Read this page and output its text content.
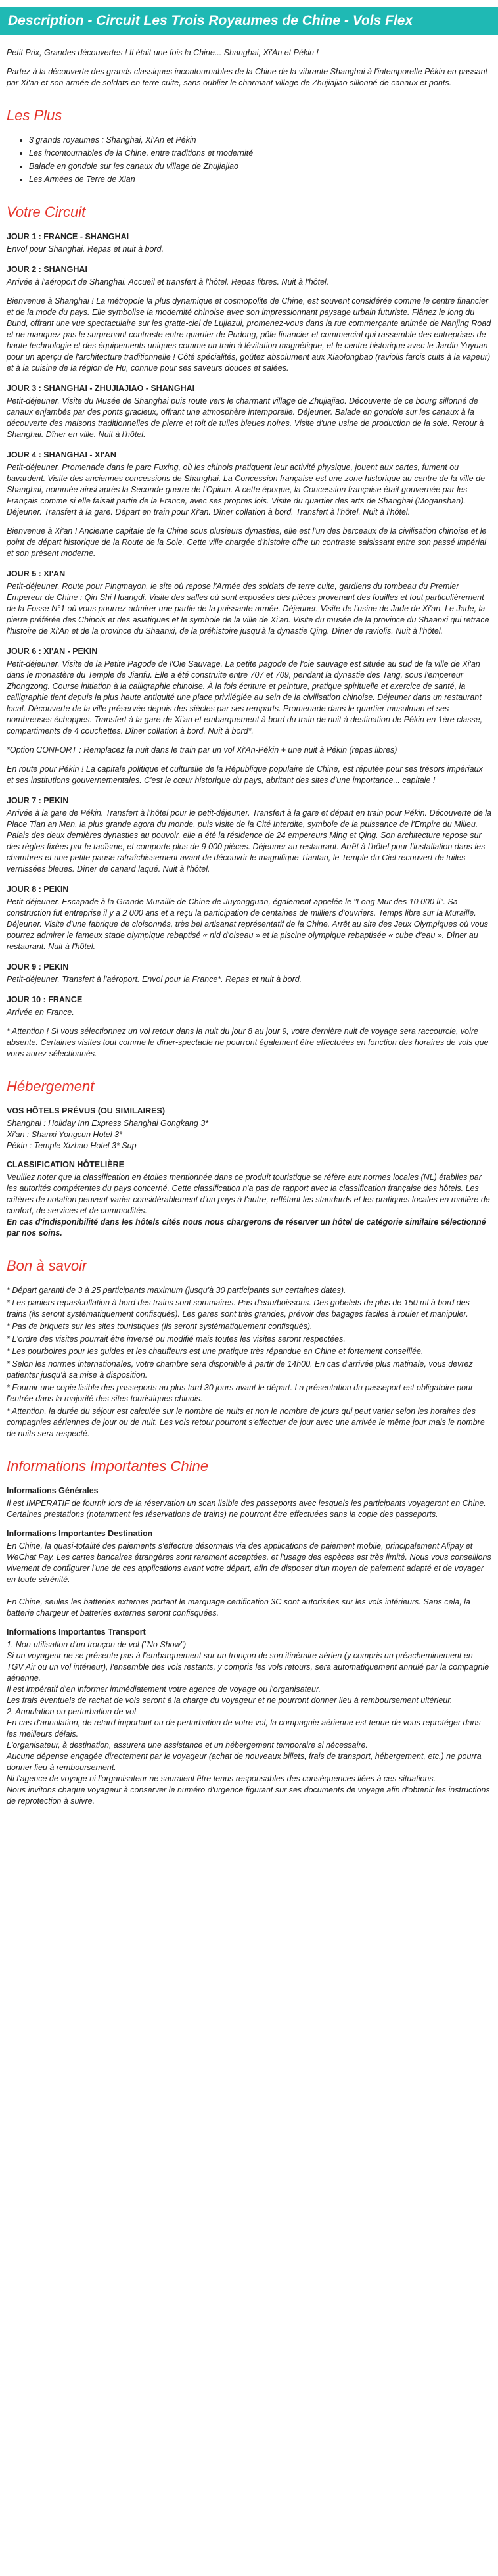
Description - Circuit Les Trois Royaumes de Chine - Vols Flex

Petit Prix, Grandes découvertes ! Il était une fois la Chine... Shanghai, Xi'An et Pékin !

Partez à la découverte des grands classiques incontournables de la Chine de la vibrante Shanghai à l'intemporelle Pékin en passant par Xi'an et son armée de soldats en terre cuite, sans oublier le charmant village de Zhujiajiao sillonné de canaux et ponts.

Les Plus
• 3 grands royaumes : Shanghai, Xi'An et Pékin
• Les incontournables de la Chine, entre traditions et modernité
• Balade en gondole sur les canaux du village de Zhujiajiao
• Les Armées de Terre de Xian
Votre Circuit
JOUR 1 : FRANCE - SHANGHAI
Envol pour Shanghai. Repas et nuit à bord.
JOUR 2 : SHANGHAI
Arrivée à l'aéroport de Shanghai. Accueil et transfert à l'hôtel. Repas libres. Nuit à l'hôtel.
Bienvenue à Shanghai ! La métropole la plus dynamique et cosmopolite de Chine, est souvent considérée comme le centre financier et de la mode du pays. Elle symbolise la modernité chinoise avec son impressionnant paysage urbain futuriste. Flânez le long du Bund, offrant une vue spectaculaire sur les gratte-ciel de Lujiazui, promenez-vous dans la rue commerçante animée de Nanjing Road et ne manquez pas le surprenant contraste entre quartier de Pudong, pôle financier et commercial qui rassemble des entreprises de haute technologie et des équipements uniques comme un train à lévitation magnétique, et le centre historique avec le Jardin Yuyuan pour un aperçu de l'architecture traditionnelle ! Côté spécialités, goûtez absolument aux Xiaolongbao (raviolis farcis cuits à la vapeur) et à la cuisine de la région de Hu, connue pour ses saveurs douces et salées.
JOUR 3 : SHANGHAI - ZHUJIAJIAO - SHANGHAI
Petit-déjeuner. Visite du Musée de Shanghai puis route vers le charmant village de Zhujiajiao. Découverte de ce bourg sillonné de canaux enjambés par des ponts gracieux, offrant une atmosphère intemporelle. Déjeuner. Balade en gondole sur les canaux à la découverte des maisons traditionnelles de pierre et toit de tuiles bleues noires. Visite d'une usine de production de la soie. Retour à Shanghai. Dîner en ville. Nuit à l'hôtel.
JOUR 4 : SHANGHAI - XI'AN
Petit-déjeuner. Promenade dans le parc Fuxing, où les chinois pratiquent leur activité physique, jouent aux cartes, fument ou bavardent. Visite des anciennes concessions de Shanghai. La Concession française est une zone historique au centre de la ville de Shanghai, nommée ainsi après la Seconde guerre de l'Opium. A cette époque, la Concession française était gouvernée par les Français comme si elle faisait partie de la France, avec ses propres lois. Visite du quartier des arts de Shanghai (Moganshan). Déjeuner. Transfert à la gare. Départ en train pour Xi'an. Dîner collation à bord. Transfert à l'hôtel. Nuit à l'hôtel.
Bienvenue à Xi'an ! Ancienne capitale de la Chine sous plusieurs dynasties, elle est l'un des berceaux de la civilisation chinoise et le point de départ historique de la Route de la Soie. Cette ville chargée d'histoire offre un contraste saisissant entre son passé impérial et son présent moderne.
JOUR 5 : XI'AN
Petit-déjeuner. Route pour Pingmayon, le site où repose l'Armée des soldats de terre cuite, gardiens du tombeau du Premier Empereur de Chine : Qin Shi Huangdi. Visite des salles où sont exposées des pièces provenant des fouilles et tout particulièrement de la Fosse N°1 où vous pourrez admirer une partie de la puissante armée. Déjeuner. Visite de l'usine de Jade de Xi'an. Le Jade, la pierre préférée des Chinois et des asiatiques et le symbole de la ville de Xi'an. Visite du musée de la province du Shaanxi qui retrace l'histoire de Xi'An et de la province du Shaanxi, de la préhistoire jusqu'à la dynastie Qing. Dîner de raviolis. Nuit à l'hôtel.
JOUR 6 : XI'AN - PEKIN
Petit-déjeuner. Visite de la Petite Pagode de l'Oie Sauvage. La petite pagode de l'oie sauvage est située au sud de la ville de Xi'an dans le monastère du Temple de Jianfu. Elle a été construite entre 707 et 709, pendant la dynastie des Tang, sous l'empereur Zhongzong. Course initiation à la calligraphie chinoise. À la fois écriture et peinture, pratique spirituelle et exercice de santé, la calligraphie tient depuis la plus haute antiquité une place privilégiée au sein de la civilisation chinoise. Déjeuner dans un restaurant local. Découverte de la ville préservée depuis des siècles par ses remparts. Promenade dans le quartier musulman et ses nombreuses échoppes. Transfert à la gare de Xi'an et embarquement à bord du train de nuit à destination de Pékin en 1ère classe, compartiments de 4 couchettes. Dîner collation à bord. Nuit à bord*.
*Option CONFORT : Remplacez la nuit dans le train par un vol Xi'An-Pékin + une nuit à Pékin (repas libres)
En route pour Pékin ! La capitale politique et culturelle de la République populaire de Chine, est réputée pour ses trésors impériaux et ses institutions gouvernementales. C'est le cœur historique du pays, abritant des sites d'une importance... capitale !
JOUR 7 : PEKIN
Arrivée à la gare de Pékin. Transfert à l'hôtel pour le petit-déjeuner. Transfert à la gare et départ en train pour Pékin. Découverte de la Place Tian an Men, la plus grande agora du monde, puis visite de la Cité Interdite, symbole de la puissance de l'Empire du Milieu. Palais des deux dernières dynasties au pouvoir, elle a été la résidence de 24 empereurs Ming et Qing. Son architecture repose sur des règles fixées par le taoïsme, et comporte plus de 9 000 pièces. Déjeuner au restaurant. Arrêt à l'hôtel pour l'installation dans les chambres et une petite pause rafraîchissement avant de découvrir le magnifique Tiantan, le Temple du Ciel recouvert de tuiles vernissées bleues. Dîner de canard laqué. Nuit à l'hôtel.
JOUR 8 : PEKIN
Petit-déjeuner. Escapade à la Grande Muraille de Chine de Juyongguan, également appelée le "Long Mur des 10 000 li". Sa construction fut entreprise il y a 2 000 ans et a reçu la participation de centaines de milliers d'ouvriers. Temps libre sur la Muraille. Déjeuner. Visite d'une fabrique de cloisonnés, très bel artisanat représentatif de la Chine. Arrêt au site des Jeux Olympiques où vous pourrez admirer le fameux stade olympique rebaptisé « nid d'oiseau » et la piscine olympique rebaptisée « cube d'eau ». Dîner au restaurant. Nuit à l'hôtel.
JOUR 9 : PEKIN
Petit-déjeuner. Transfert à l'aéroport. Envol pour la France*. Repas et nuit à bord.
JOUR 10 : FRANCE
Arrivée en France.
* Attention ! Si vous sélectionnez un vol retour dans la nuit du jour 8 au jour 9, votre dernière nuit de voyage sera raccourcie, voire absente. Certaines visites tout comme le dîner-spectacle ne pourront également être effectuées en fonction des horaires de vols que vous aurez sélectionnés.
Hébergement
VOS HÔTELS PRÉVUS (OU SIMILAIRES)
Shanghai : Holiday Inn Express Shanghai Gongkang 3*
Xi'an : Shanxi Yongcun Hotel 3*
Pékin : Temple Xizhao Hotel 3* Sup
CLASSIFICATION HÔTELIÈRE

Veuillez noter que la classification en étoiles mentionnée dans ce produit touristique se réfère aux normes locales (NL) établies par les autorités compétentes du pays concerné. Cette classification n'a pas de rapport avec la classification française des hôtels. Les critères de notation peuvent varier considérablement d'un pays à l'autre, reflétant les standards et les pratiques locales en matière de confort, de services et de commodités.

En cas d'indisponibilité dans les hôtels cités nous nous chargerons de réserver un hôtel de catégorie similaire sélectionné par nos soins.

Bon à savoir

* Départ garanti de 3 à 25 participants maximum (jusqu'à 30 participants sur certaines dates).

* Les paniers repas/collation à bord des trains sont sommaires. Pas d'eau/boissons. Des gobelets de plus de 150 ml à bord des trains (ils seront systématiquement confisqués). Les gares sont très grandes, prévoir des bagages faciles à rouler et manipuler.

* Pas de briquets sur les sites touristiques (ils seront systématiquement confisqués).

* L'ordre des visites pourrait être inversé ou modifié mais toutes les visites seront respectées.

* Les pourboires pour les guides et les chauffeurs est une pratique très répandue en Chine et fortement conseillée.

* Selon les normes internationales, votre chambre sera disponible à partir de 14h00. En cas d'arrivée plus matinale, vous devrez patienter jusqu'à sa mise à disposition.

* Fournir une copie lisible des passeports au plus tard 30 jours avant le départ. La présentation du passeport est obligatoire pour l'entrée dans la majorité des sites touristiques chinois.

* Attention, la durée du séjour est calculée sur le nombre de nuits et non le nombre de jours qui peut varier selon les horaires des compagnies aériennes de jour ou de nuit. Les vols retour pourront s'effectuer de jour avec une arrivée le même jour mais le nombre de nuits sera respecté.

Informations Importantes Chine
Informations Générales
Il est IMPERATIF de fournir lors de la réservation un scan lisible des passeports avec lesquels les participants voyageront en Chine. Certaines prestations (notamment les réservations de trains) ne pourront être effectuées sans la copie des passeports.
Informations Importantes Destination
En Chine, la quasi-totalité des paiements s'effectue désormais via des applications de paiement mobile, principalement Alipay et WeChat Pay. Les cartes bancaires étrangères sont rarement acceptées, et l'usage des espèces est très limité. Nous vous conseillons vivement de configurer l'une de ces applications avant votre départ, afin de disposer d'un moyen de paiement adapté et de voyager en toute sérénité.

En Chine, seules les batteries externes portant le marquage certification 3C sont autorisées sur les vols intérieurs. Sans cela, la batterie chargeur et batteries externes seront confisquées.
Informations Importantes Transport
1. Non-utilisation d'un tronçon de vol ("No Show")
Si un voyageur ne se présente pas à l'embarquement sur un tronçon de son itinéraire aérien (y compris un préacheminement en TGV Air ou un vol intérieur), l'ensemble des vols restants, y compris les vols retours, sera automatiquement annulé par la compagnie aérienne.
Il est impératif d'en informer immédiatement votre agence de voyage ou l'organisateur.
Les frais éventuels de rachat de vols seront à la charge du voyageur et ne pourront donner lieu à remboursement ultérieur.
2. Annulation ou perturbation de vol
En cas d'annulation, de retard important ou de perturbation de votre vol, la compagnie aérienne est tenue de vous reprotéger dans les meilleurs délais.
L'organisateur, à destination, assurera une assistance et un hébergement temporaire si nécessaire.
Aucune dépense engagée directement par le voyageur (achat de nouveaux billets, frais de transport, hébergement, etc.) ne pourra donner lieu à remboursement.
Ni l'agence de voyage ni l'organisateur ne sauraient être tenus responsables des conséquences liées à ces situations.
Nous invitons chaque voyageur à conserver le numéro d'urgence figurant sur ses documents de voyage afin d'obtenir les instructions de reprotection à suivre.
